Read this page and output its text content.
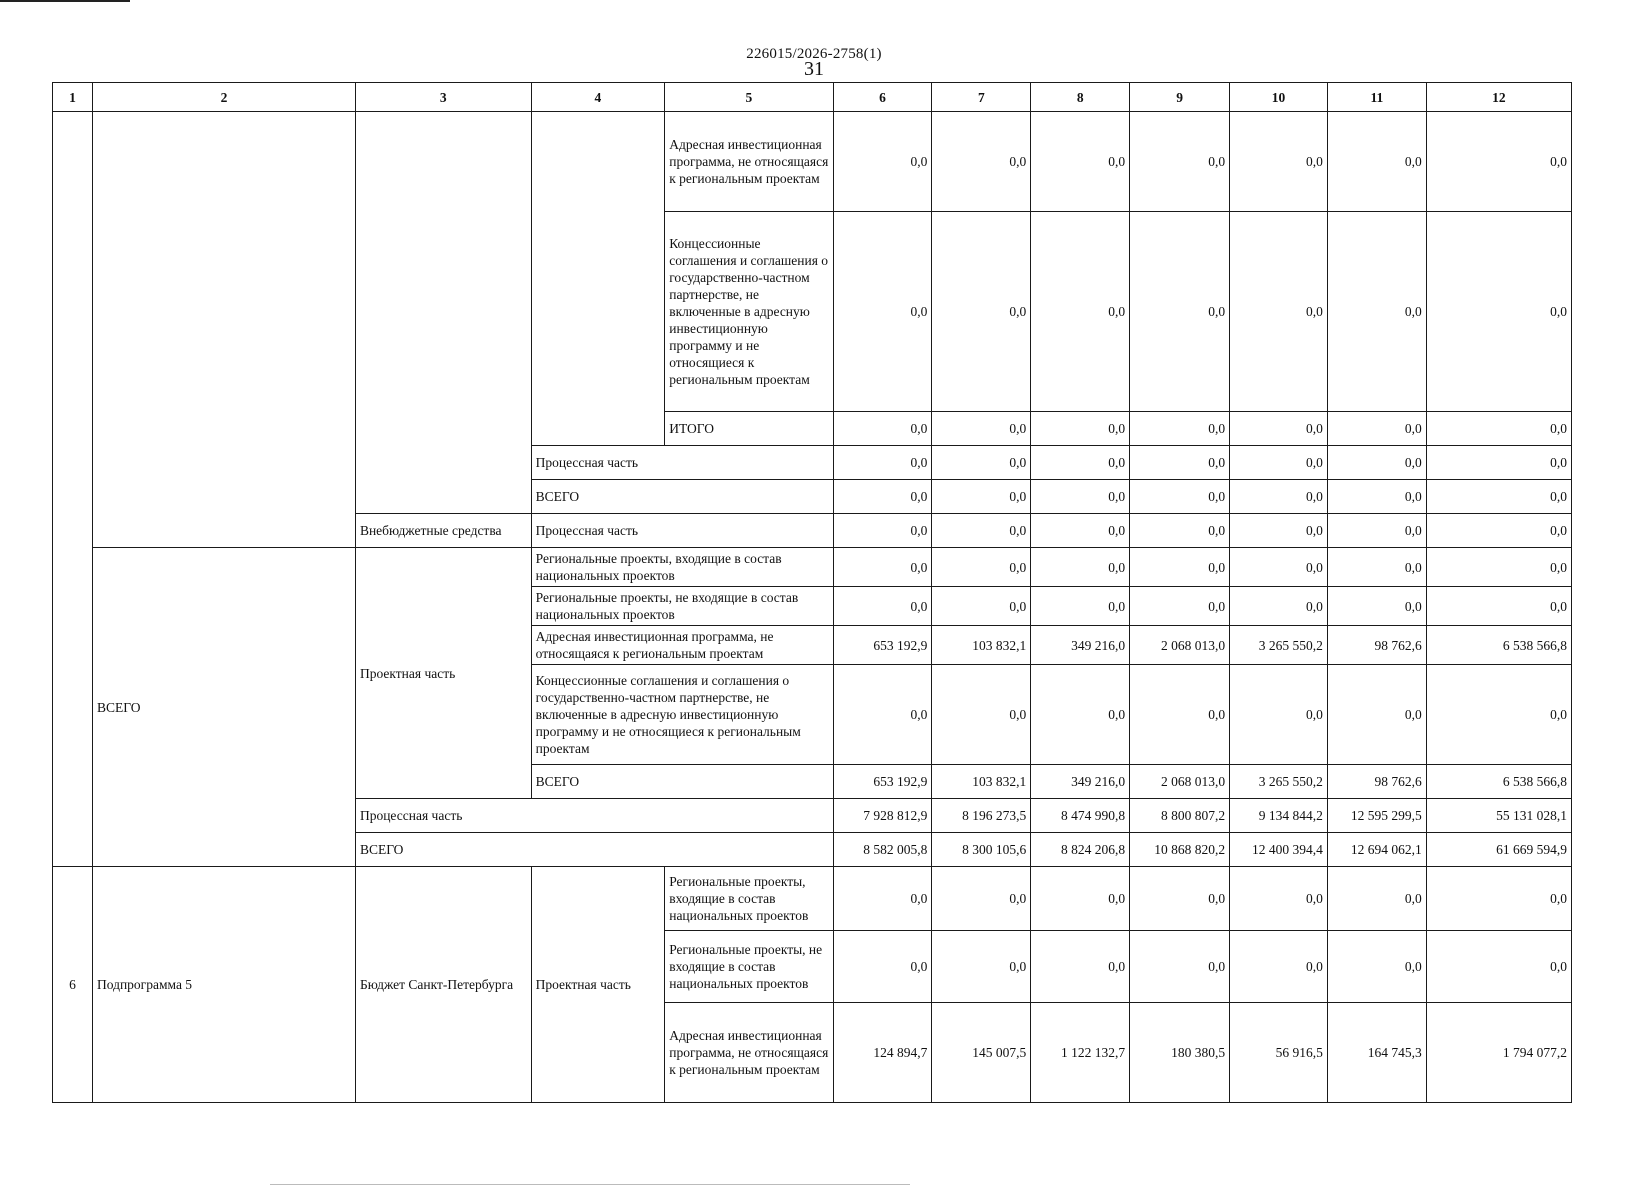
226015/2026-2758(1)
31
1	2	3	4	5	6	7	8	9	10	11	12
				Адресная инвестиционная программа, не относящаяся к региональным проектам	0,0	0,0	0,0	0,0	0,0	0,0	0,0
				Концессионные соглашения и соглашения о государственно-частном партнерстве, не включенные в адресную инвестиционную программу и не относящиеся к региональным проектам	0,0	0,0	0,0	0,0	0,0	0,0	0,0
				ИТОГО	0,0	0,0	0,0	0,0	0,0	0,0	0,0
			Процессная часть		0,0	0,0	0,0	0,0	0,0	0,0	0,0
			ВСЕГО		0,0	0,0	0,0	0,0	0,0	0,0	0,0
		Внебюджетные средства	Процессная часть		0,0	0,0	0,0	0,0	0,0	0,0	0,0
	ВСЕГО	Проектная часть	Региональные проекты, входящие в состав национальных проектов		0,0	0,0	0,0	0,0	0,0	0,0	0,0
			Региональные проекты, не входящие в состав национальных проектов		0,0	0,0	0,0	0,0	0,0	0,0	0,0
			Адресная инвестиционная программа, не относящаяся к региональным проектам		653 192,9	103 832,1	349 216,0	2 068 013,0	3 265 550,2	98 762,6	6 538 566,8
			Концессионные соглашения и соглашения о государственно-частном партнерстве, не включенные в адресную инвестиционную программу и не относящиеся к региональным проектам		0,0	0,0	0,0	0,0	0,0	0,0	0,0
			ВСЕГО		653 192,9	103 832,1	349 216,0	2 068 013,0	3 265 550,2	98 762,6	6 538 566,8
		Процессная часть			7 928 812,9	8 196 273,5	8 474 990,8	8 800 807,2	9 134 844,2	12 595 299,5	55 131 028,1
		ВСЕГО			8 582 005,8	8 300 105,6	8 824 206,8	10 868 820,2	12 400 394,4	12 694 062,1	61 669 594,9
6	Подпрограмма 5	Бюджет Санкт-Петербурга	Проектная часть	Региональные проекты, входящие в состав национальных проектов	0,0	0,0	0,0	0,0	0,0	0,0	0,0
				Региональные проекты, не входящие в состав национальных проектов	0,0	0,0	0,0	0,0	0,0	0,0	0,0
				Адресная инвестиционная программа, не относящаяся к региональным проектам	124 894,7	145 007,5	1 122 132,7	180 380,5	56 916,5	164 745,3	1 794 077,2
